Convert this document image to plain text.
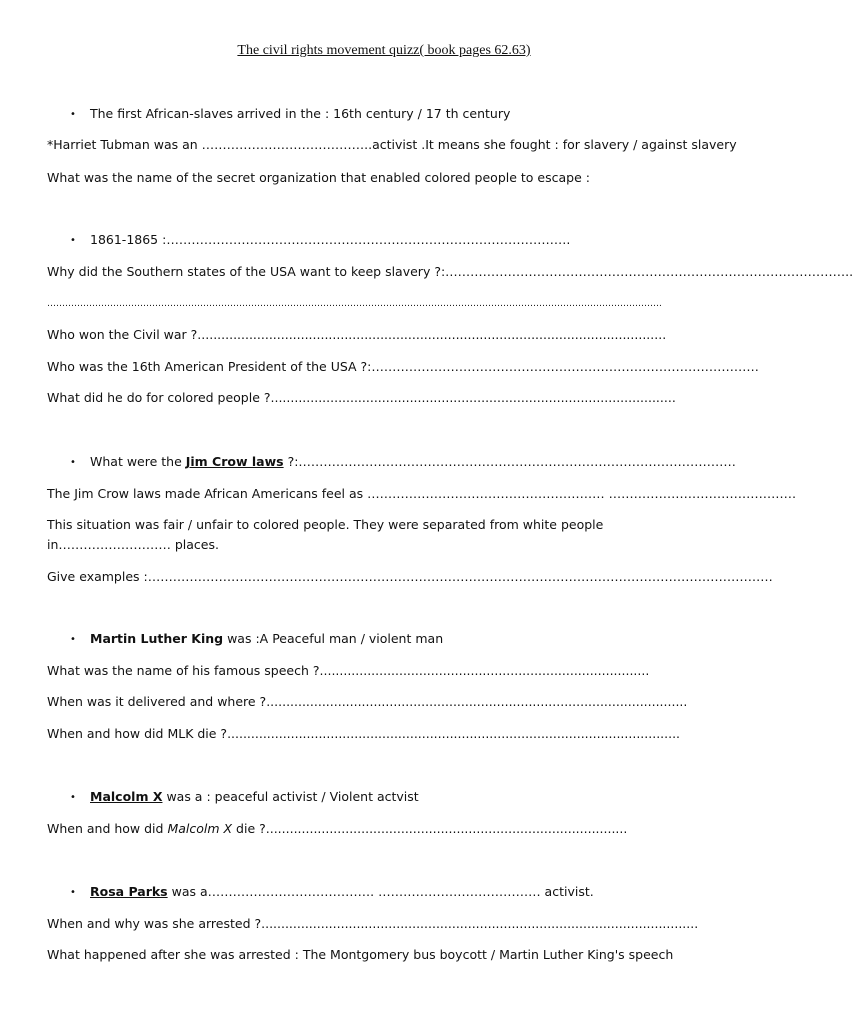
The civil rights movement quizz( book pages 62.63)
• The first African-slaves arrived in the : 16th century / 17 th century
*Harriet Tubman was an …………………………………..activist .It means she fought : for slavery / against slavery
What was the name of the secret organization that enabled colored people to escape :
• 1861-1865 :…………………………………………………………………………………….
Why did the Southern states of the USA want to keep slavery ?:……………………………………………………………………………………..
…………………………………………………………………………………………………………………………………………………………………………………….
Who won the Civil war ?......................................................................................................................
Who was the 16th American President of the USA ?:…………………………………………………………………………………
What did he do for colored people ?......................................................................................................
• What were the Jim Crow laws ?:……………………………………………………………………………………………
The Jim Crow laws made African Americans feel as ………………………………………………… ………………………………………
This situation was fair / unfair to colored people. They were separated from white people in……………………… places.
Give examples :……………………………………………………………………………………………………………………………………
• Martin Luther King was :A Peaceful man / violent man
What was the name of his famous speech ?...................................................................................
When was it delivered and where ?..........................................................................................................
When and how did MLK die ?..................................................................................................................
• Malcolm X was a : peaceful activist / Violent actvist
When and how did Malcolm X die ?...........................................................................................
• Rosa Parks was a…………………………………. ………………………………… activist.
When and why was she arrested ?..............................................................................................................
What happened after she was arrested : The Montgomery bus boycott / Martin Luther King's speech
